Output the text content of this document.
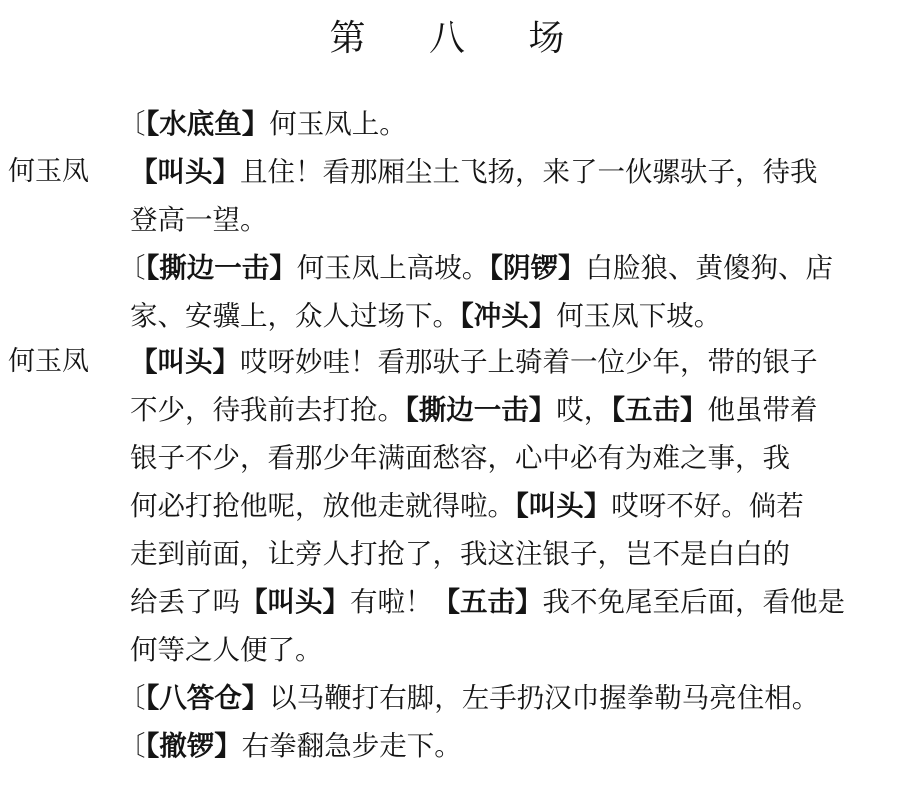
第 八 场
〔【水底鱼】何玉凤上。
何玉凤 【叫头】且住！看那厢尘土飞扬，来了一伙骡驮子，待我
登高一望。
〔【撕边一击】何玉凤上高坡。【阴锣】白脸狼、黄傻狗、店
家、安骥上，众人过场下。【冲头】何玉凤下坡。
何玉凤 【叫头】哎呀妙哇！看那驮子上骑着一位少年，带的银子
不少，待我前去打抢。【撕边一击】哎，【五击】他虽带着
银子不少，看那少年满面愁容，心中必有为难之事，我
何必打抢他呢，放他走就得啦。【叫头】哎呀不好。倘若
走到前面，让旁人打抢了，我这注银子，岂不是白白的
给丢了吗【叫头】有啦！【五击】我不免尾至后面，看他是
何等之人便了。
〔【八答仓】以马鞭打右脚，左手扔汉巾握拳勒马亮住相。
〔【撤锣】右拳翻急步走下。
